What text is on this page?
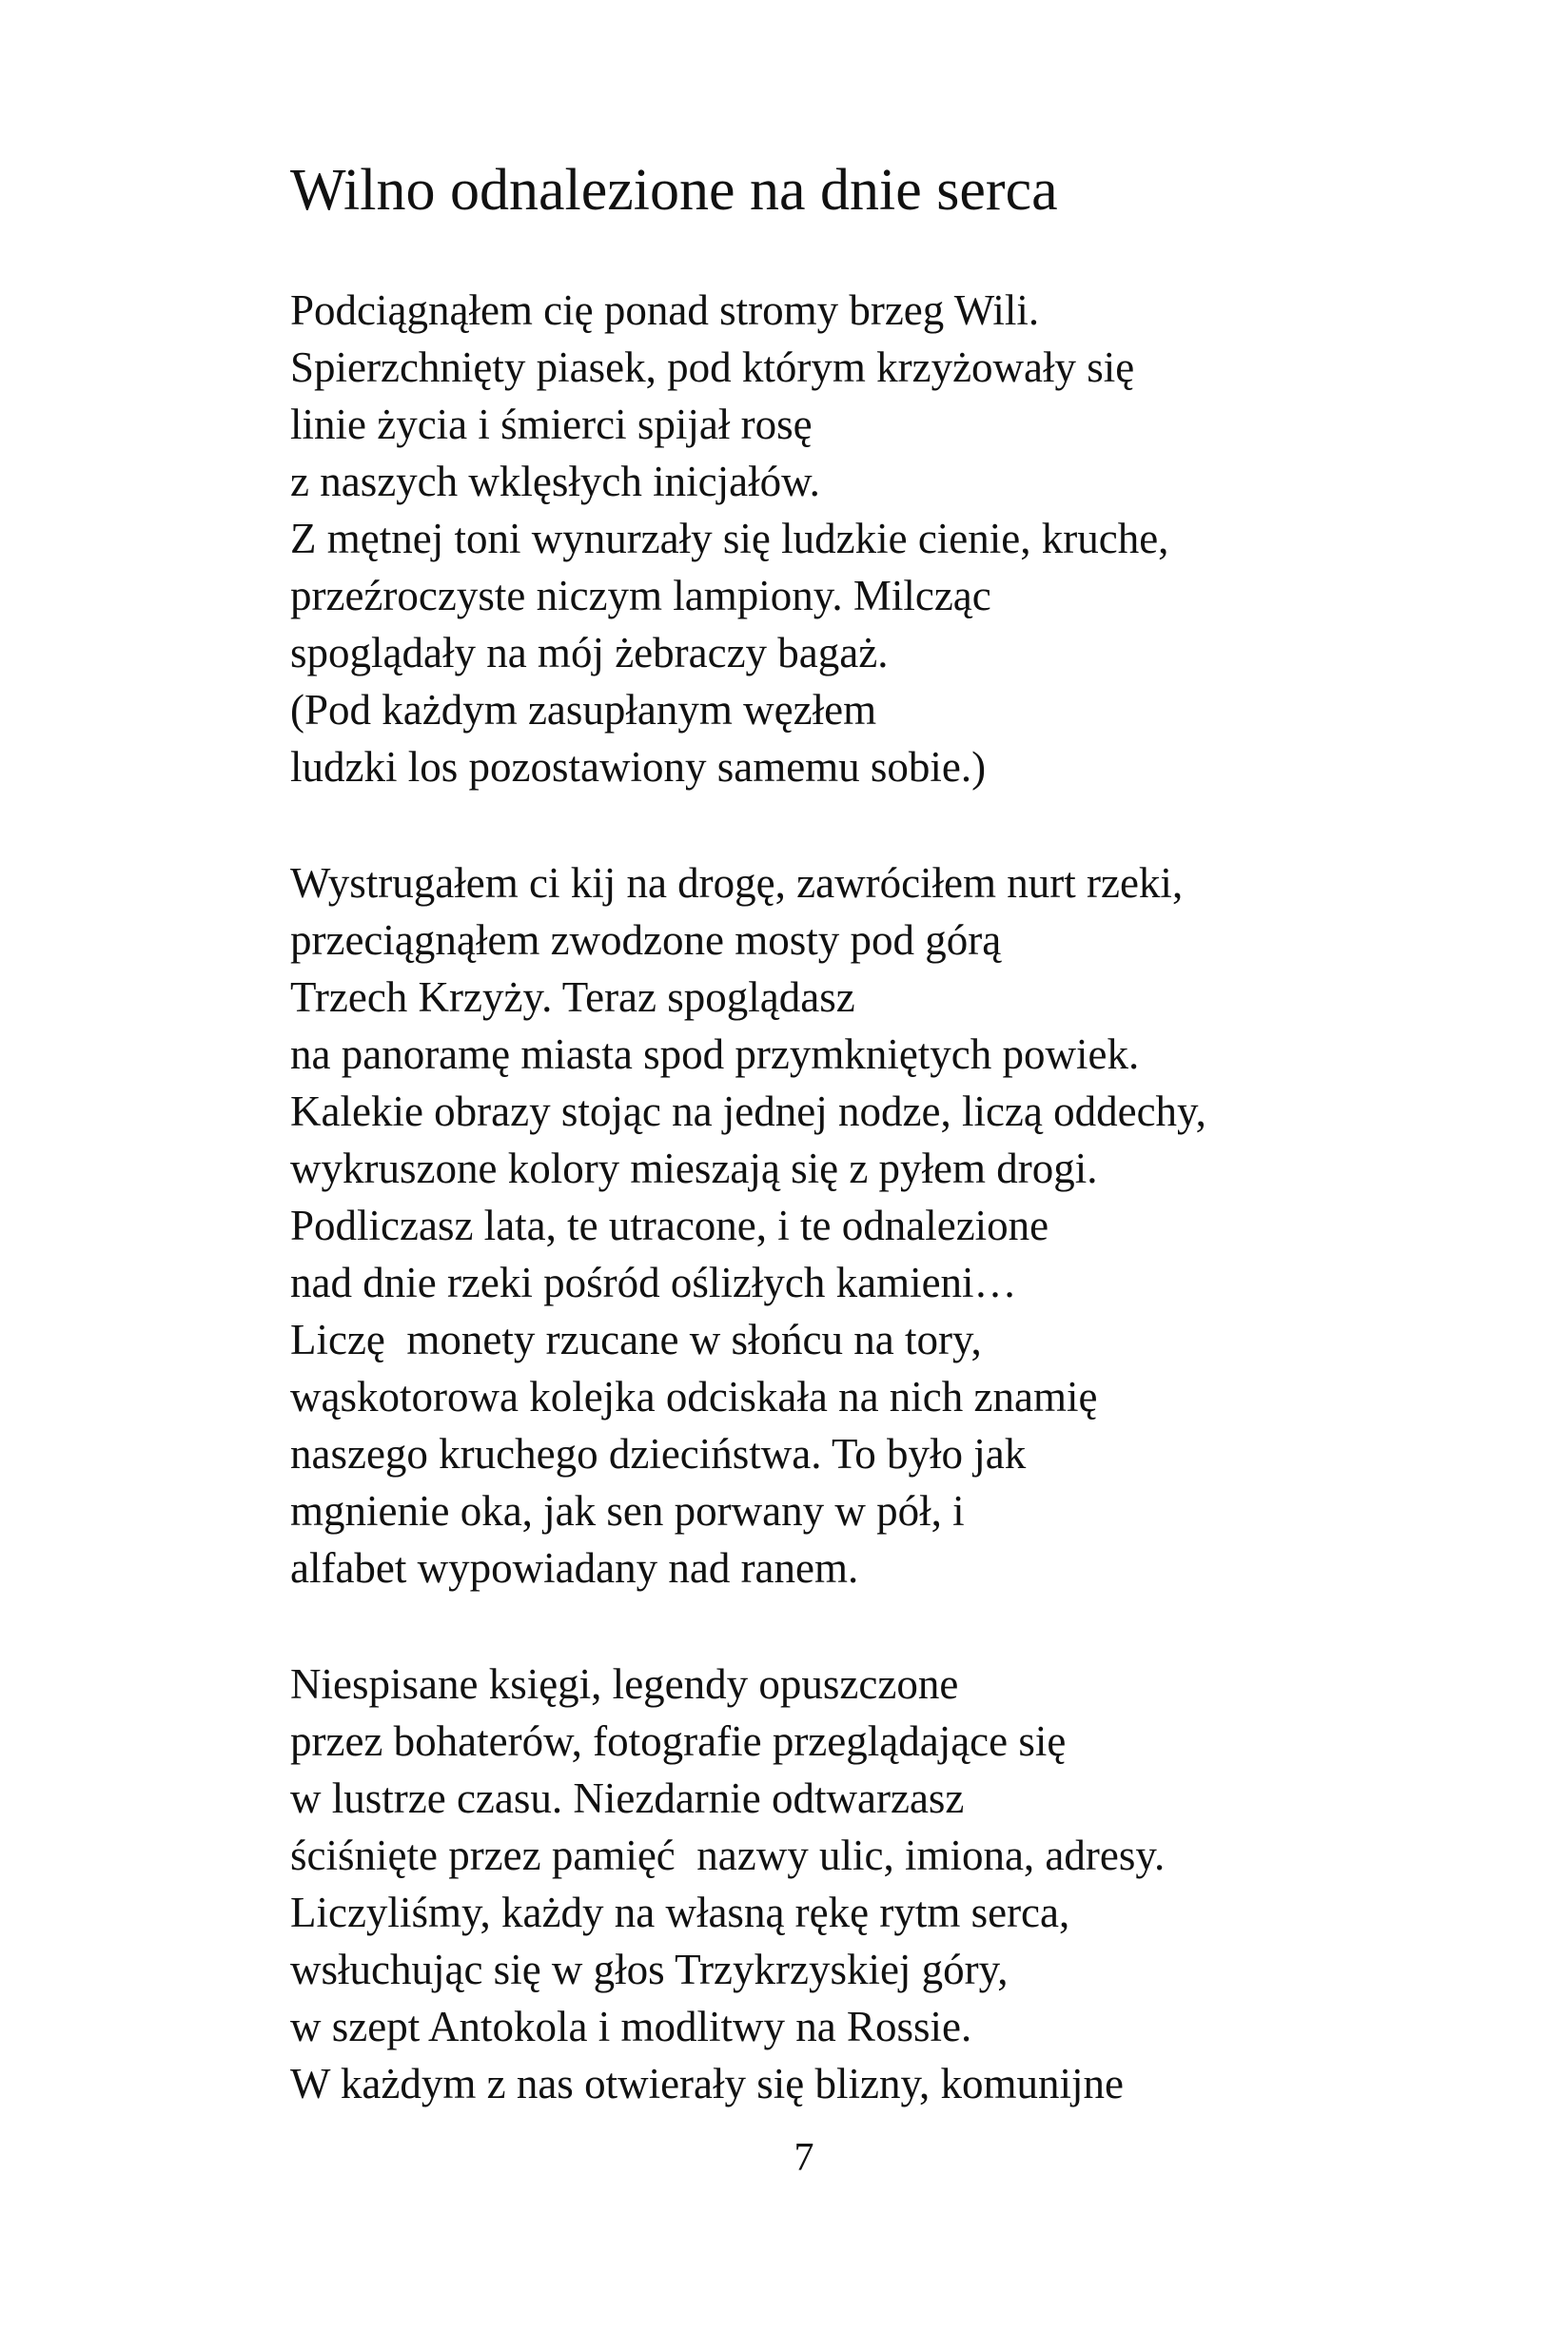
Wilno odnalezione na dnie serca
Podciągnąłem cię ponad stromy brzeg Wili.
Spierzchnięty piasek, pod którym krzyżowały się
linie życia i śmierci spijał rosę
z naszych wklęsłych inicjałów.
Z mętnej toni wynurzały się ludzkie cienie, kruche,
przeźroczyste niczym lampiony. Milcząc
spoglądały na mój żebraczy bagaż.
(Pod każdym zasupłanym węzłem
ludzki los pozostawiony samemu sobie.)
Wystrugałem ci kij na drogę, zawróciłem nurt rzeki,
przeciągnąłem zwodzone mosty pod górą
Trzech Krzyży. Teraz spoglądasz
na panoramę miasta spod przymkniętych powiek.
Kalekie obrazy stojąc na jednej nodze, liczą oddechy,
wykruszone kolory mieszają się z pyłem drogi.
Podliczasz lata, te utracone, i te odnalezione
nad dnie rzeki pośród oślizłych kamieni…
Liczę  monety rzucane w słońcu na tory,
wąskotorowa kolejka odciskała na nich znamię
naszego kruchego dzieciństwa. To było jak
mgnienie oka, jak sen porwany w pół, i
alfabet wypowiadany nad ranem.
Niespisane księgi, legendy opuszczone
przez bohaterów, fotografie przeglądające się
w lustrze czasu. Niezdarnie odtwarzasz
ściśnięte przez pamięć  nazwy ulic, imiona, adresy.
Liczyliśmy, każdy na własną rękę rytm serca,
wsłuchując się w głos Trzykrzyskiej góry,
w szept Antokola i modlitwy na Rossie.
W każdym z nas otwierały się blizny, komunijne
7
